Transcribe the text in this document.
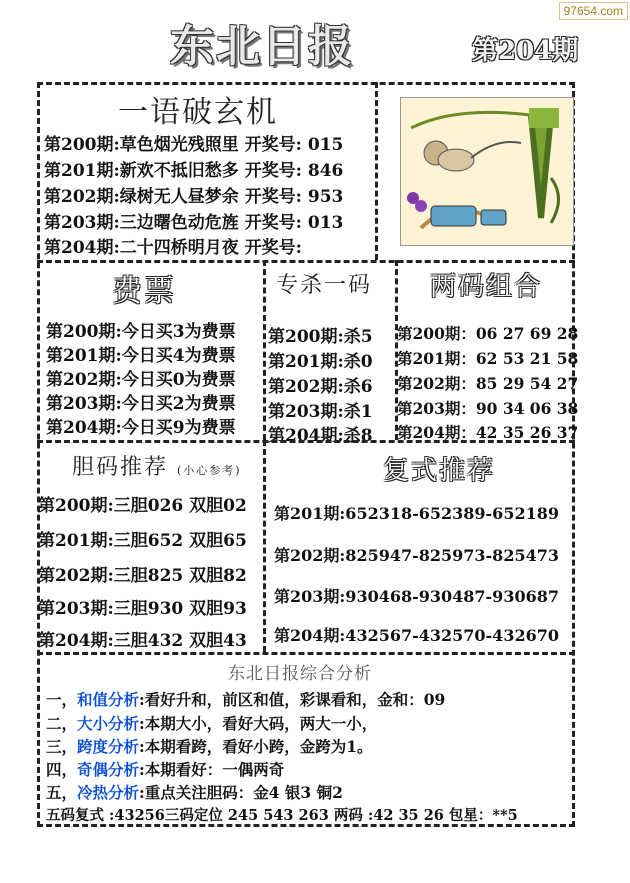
97654.com
东北日报	第204期
一语破玄机
第200期:草色烟光残照里 开奖号: 015
第201期:新欢不抵旧愁多 开奖号: 846
第202期:绿树无人昼梦余 开奖号: 953
第203期:三边曙色动危旌 开奖号: 013
第204期:二十四桥明月夜 开奖号:
费票	专杀一码 两码组合
第200期:今日买3为费票
第201期:今日买4为费票
第202期:今日买0为费票
第203期:今日买2为费票
第204期:今日买9为费票
第200期:杀5
第201期:杀0
第202期:杀6
第203期:杀1
第204期:杀8
第200期：06 27 69 28
第201期：62 53 21 58
第202期：85 29 54 27
第203期：90 34 06 38
第204期：42 35 26 37
胆码推荐 (小心参考)	复式推荐
第200期:三胆026 双胆02
第201期:三胆652 双胆65
第202期:三胆825 双胆82
第203期:三胆930 双胆93
第204期:三胆432 双胆43
第201期:652318-652389-652189
第202期:825947-825973-825473
第203期:930468-930487-930687
第204期:432567-432570-432670
东北日报综合分析
一，和值分析:看好升和，前区和值，彩课看和，金和：09
二，大小分析:本期大小，看好大码，两大一小，
三，跨度分析:本期看跨，看好小跨，金跨为1。
四，奇偶分析:本期看好：一偶两奇
五，冷热分析:重点关注胆码：金4 银3 铜2
五码复式 :43256三码定位 245 543 263 两码 :42 35 26 包星：**5
